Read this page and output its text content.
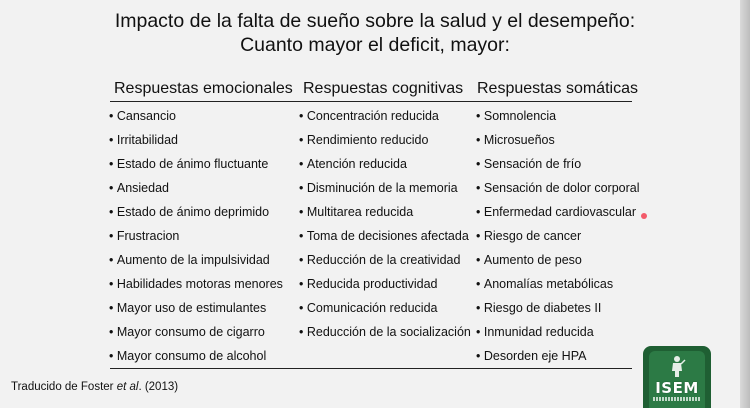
Impacto de la falta de sueño sobre la salud y el desempeño:
Cuanto mayor el deficit, mayor:
Respuestas emocionales Respuestas cognitivas Respuestas somáticas
• Cansancio
• Irritabilidad
• Estado de ánimo fluctuante
• Ansiedad
• Estado de ánimo deprimido
• Frustracion
• Aumento de la impulsividad
• Habilidades motoras menores
• Mayor uso de estimulantes
• Mayor consumo de cigarro
• Mayor consumo de alcohol
• Concentración reducida
• Rendimiento reducido
• Atención reducida
• Disminución de la memoria
• Multitarea reducida
• Toma de decisiones afectada
• Reducción de la creatividad
• Reducida productividad
• Comunicación reducida
• Reducción de la socialización
• Somnolencia
• Microsueños
• Sensación de frío
• Sensación de dolor corporal
• Enfermedad cardiovascular
• Riesgo de cancer
• Aumento de peso
• Anomalías metabólicas
• Riesgo de diabetes II
• Inmunidad reducida
• Desorden eje HPA
Traducido de Foster et al. (2013)	ISEM
